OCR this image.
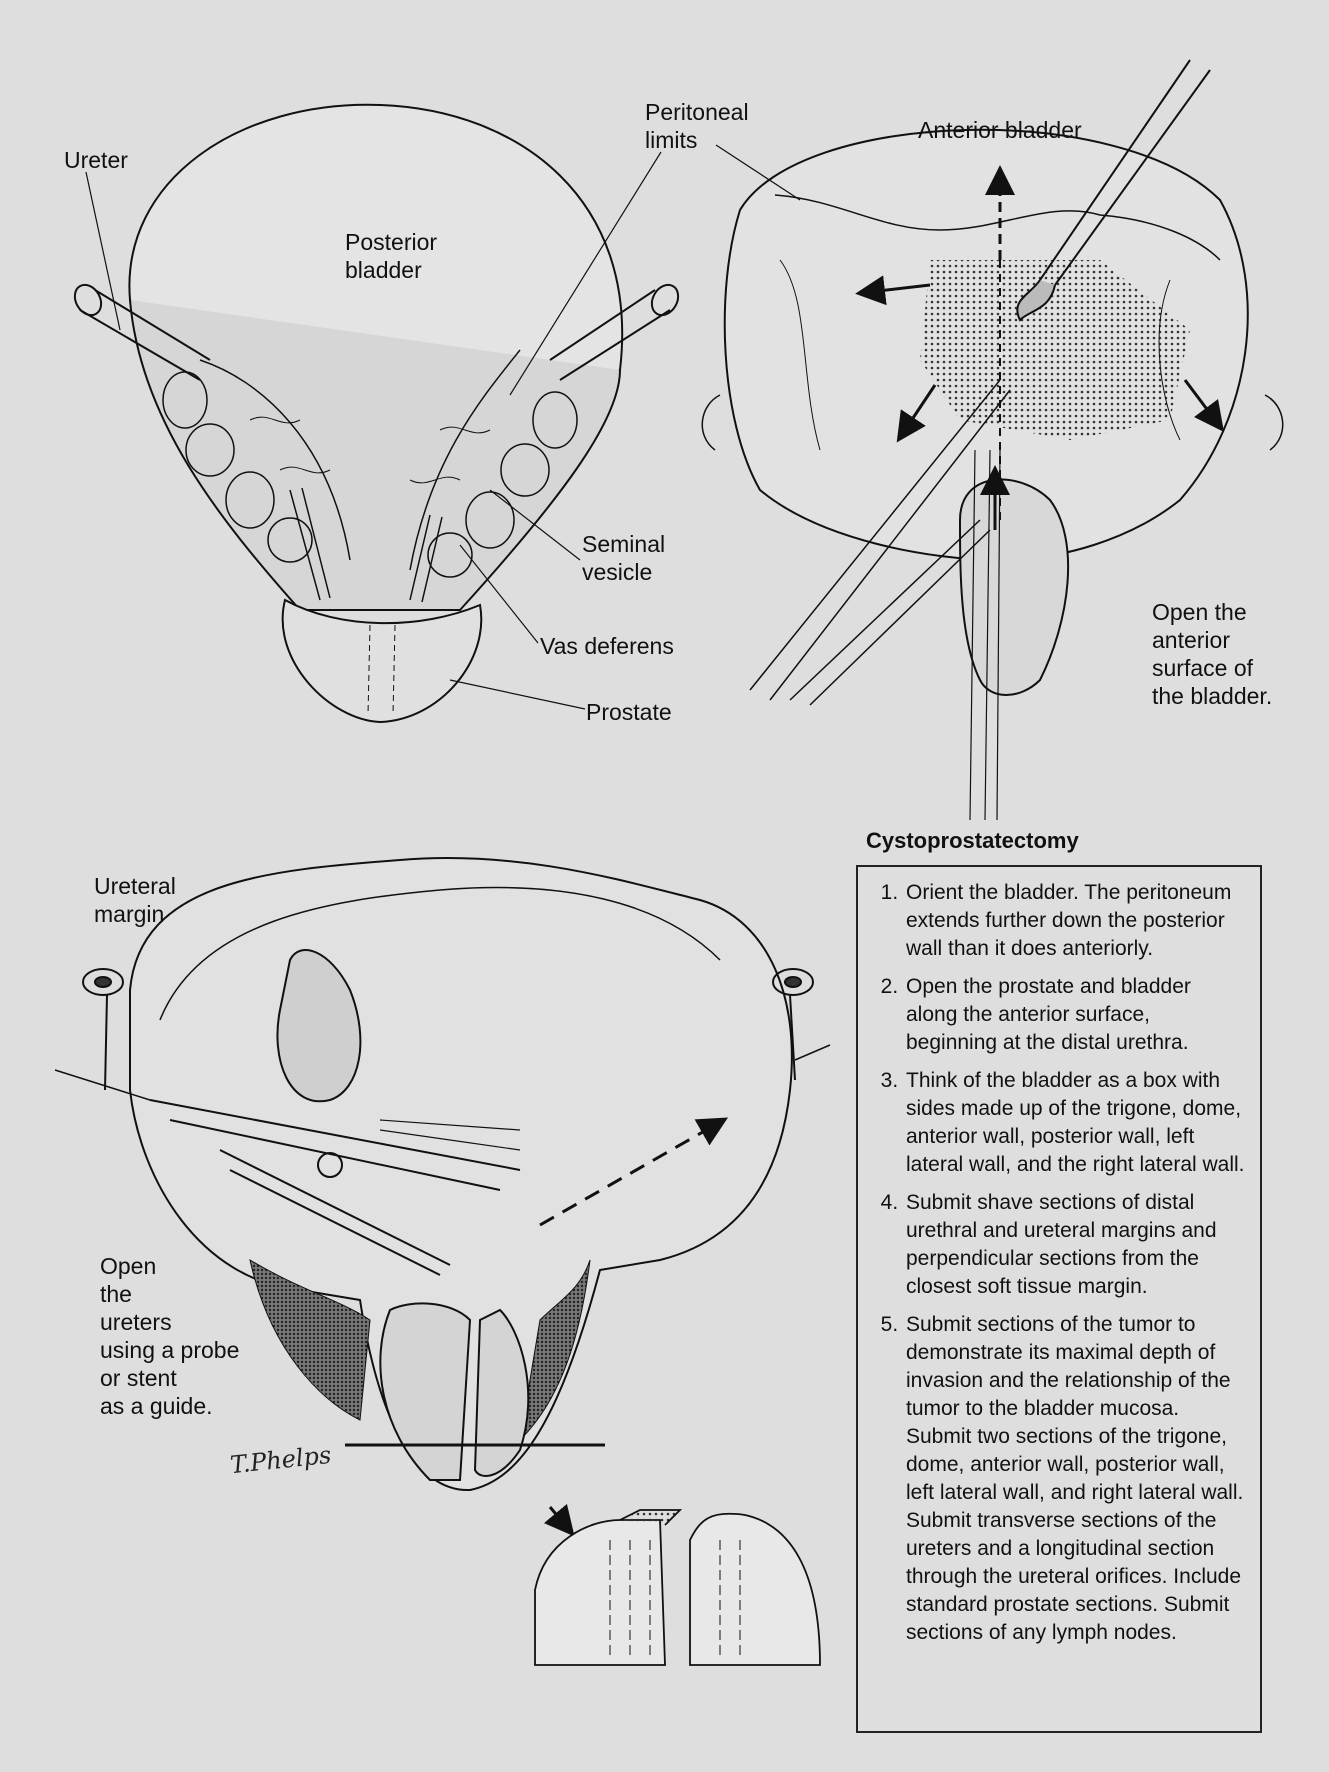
Ureter
Posterior
bladder
Peritoneal
limits
Seminal
vesicle
Vas deferens
Prostate
Anterior bladder
Open the
anterior
surface of
the bladder.
Ureteral
margin
Open
the
ureters
using a probe
or stent
as a guide.
T.Phelps
Cystoprostatectomy
1. Orient the bladder. The peritoneum extends further down the posterior wall than it does anteriorly.
2. Open the prostate and bladder along the anterior surface, beginning at the distal urethra.
3. Think of the bladder as a box with sides made up of the trigone, dome, anterior wall, posterior wall, left lateral wall, and the right lateral wall.
4. Submit shave sections of distal urethral and ureteral margins and perpendicular sections from the closest soft tissue margin.
5. Submit sections of the tumor to demonstrate its maximal depth of invasion and the relationship of the tumor to the bladder mucosa. Submit two sections of the trigone, dome, anterior wall, posterior wall, left lateral wall, and right lateral wall. Submit transverse sections of the ureters and a longitudinal section through the ureteral orifices. Include standard prostate sections. Submit sections of any lymph nodes.
